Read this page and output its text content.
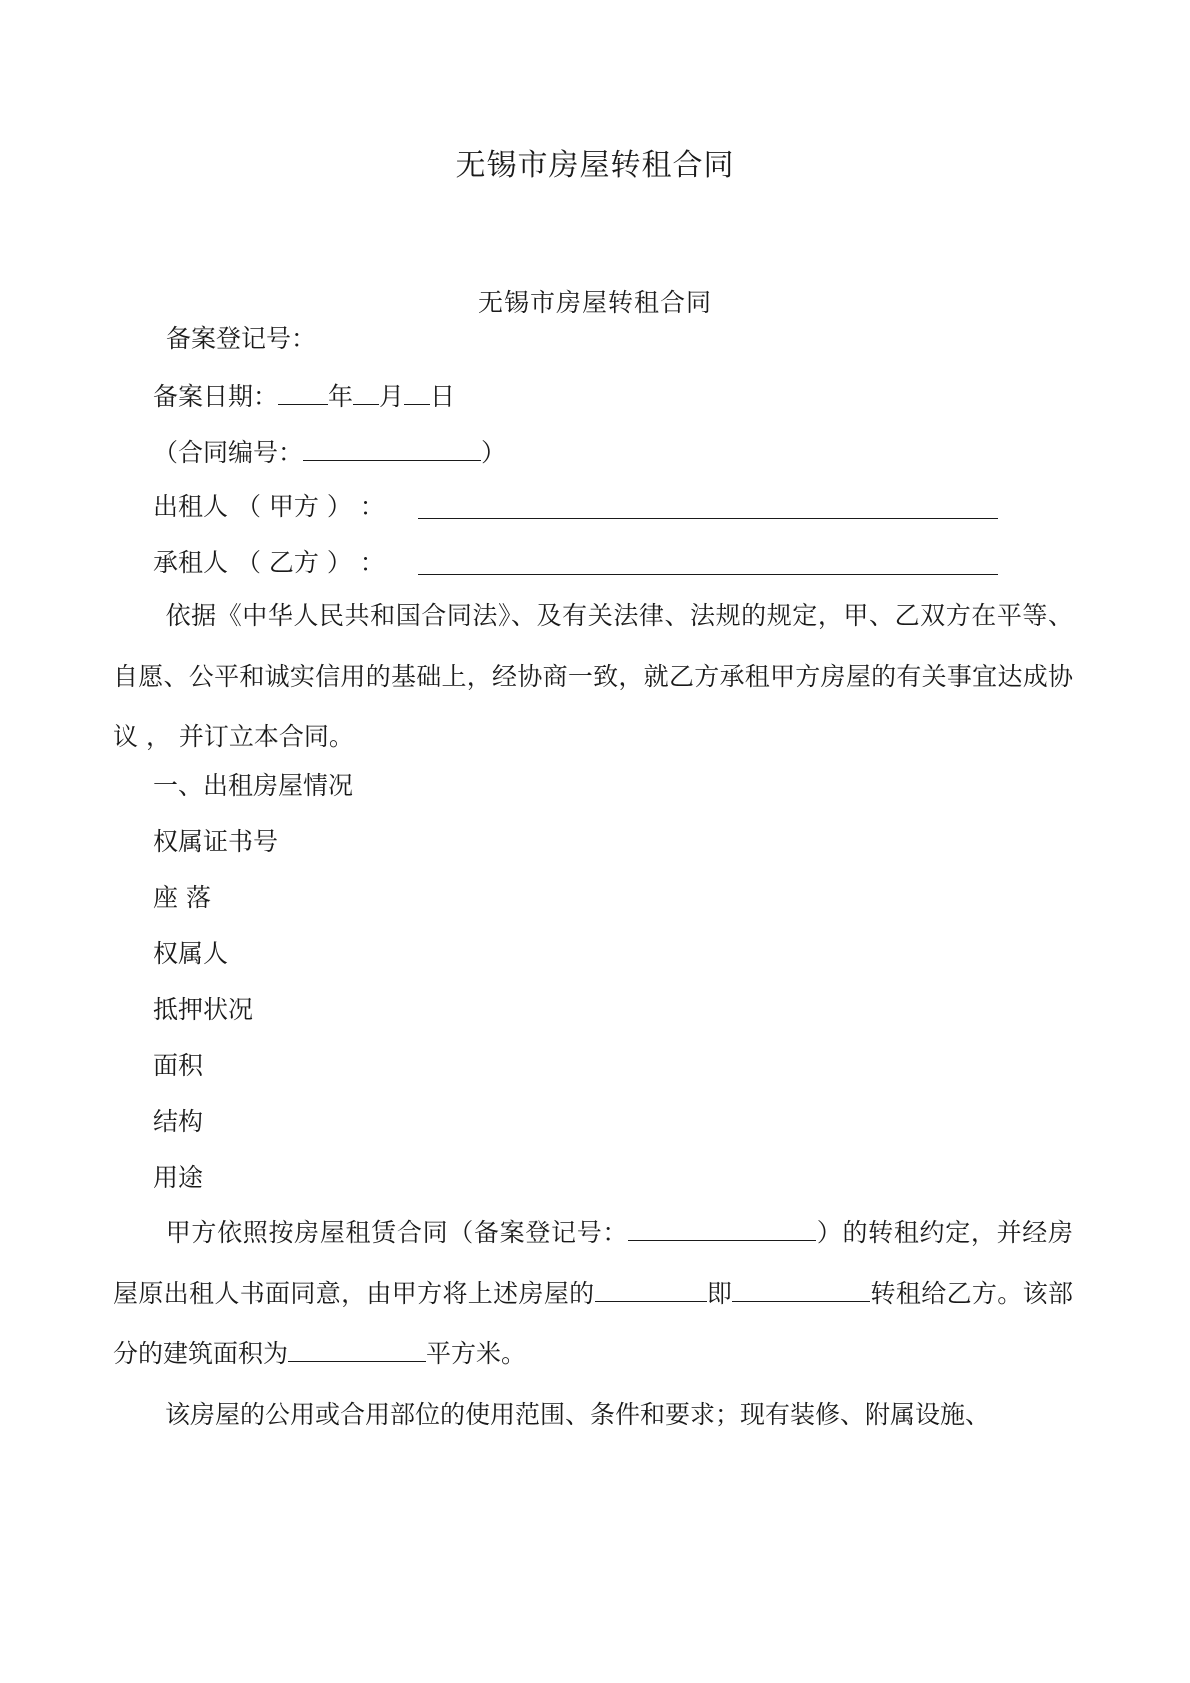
无锡市房屋转租合同
无锡市房屋转租合同
备案登记号：
备案日期： 年 月 日
（合同编号：	）
出租人 （ 甲方 ） ：
承租人 （ 乙方 ） ：
依据《中华人民共和国合同法》、及有关法律、法规的规定，甲、乙双方在平等、自愿、公平和诚实信用的基础上，经协商一致，就乙方承租甲方房屋的有关事宜达成协议 ， 并订立本合同。
一、出租房屋情况
权属证书号
座 落
权属人
抵押状况
面积
结构
用途
甲方依照按房屋租赁合同（备案登记号：	）的转租约定，并经房屋原出租人书面同意，由甲方将上述房屋的	即	转租给乙方。该部分的建筑面积为	平方米。
该房屋的公用或合用部位的使用范围、条件和要求；现有装修、附属设施、
